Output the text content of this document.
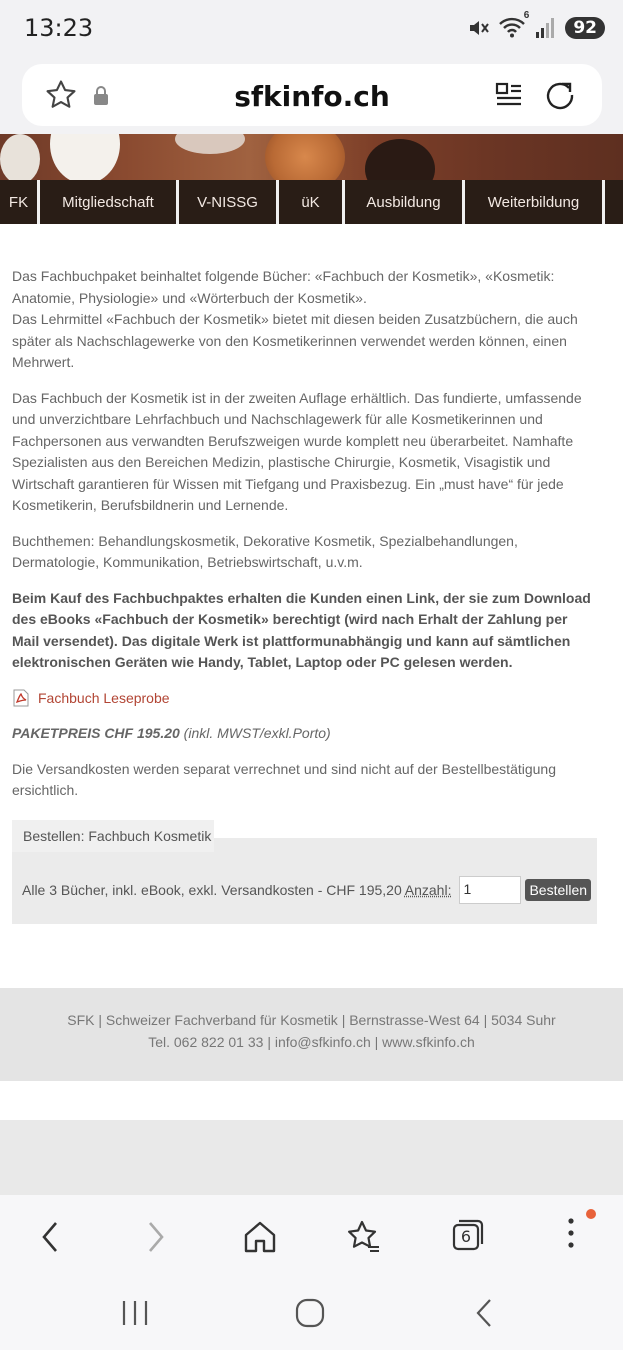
13:23	6
92
sfkinfo.ch
FK Mitgliedschaft	V-NISSG	üK	Ausbildung	Weiterbildung

Das Fachbuchpaket beinhaltet folgende Bücher: «Fachbuch der Kosmetik», «Kosmetik: Anatomie, Physiologie» und «Wörterbuch der Kosmetik».
Das Lehrmittel «Fachbuch der Kosmetik» bietet mit diesen beiden Zusatzbüchern, die auch später als Nachschlagewerke von den Kosmetikerinnen verwendet werden können, einen Mehrwert.

Das Fachbuch der Kosmetik ist in der zweiten Auflage erhältlich. Das fundierte, umfassende und unverzichtbare Lehrfachbuch und Nachschlagewerk für alle Kosmetikerinnen und Fachpersonen aus verwandten Berufszweigen wurde komplett neu überarbeitet. Namhafte Spezialisten aus den Bereichen Medizin, plastische Chirurgie, Kosmetik, Visagistik und Wirtschaft garantieren für Wissen mit Tiefgang und Praxisbezug. Ein „must have“ für jede Kosmetikerin, Berufsbildnerin und Lernende.

Buchthemen: Behandlungskosmetik, Dekorative Kosmetik, Spezialbehandlungen, Dermatologie, Kommunikation, Betriebswirtschaft, u.v.m.

Beim Kauf des Fachbuchpaktes erhalten die Kunden einen Link, der sie zum Download des eBooks «Fachbuch der Kosmetik» berechtigt (wird nach Erhalt der Zahlung per Mail versendet). Das digitale Werk ist plattformunabhängig und kann auf sämtlichen elektronischen Geräten wie Handy, Tablet, Laptop oder PC gelesen werden.

Fachbuch Leseprobe
PAKETPREIS CHF 195.20 (inkl. MWST/exkl.Porto)

Die Versandkosten werden separat verrechnet und sind nicht auf der Bestellbestätigung ersichtlich.

Alle 3 Bücher, inkl. eBook, exkl. Versandkosten - CHF 195,20 Anzahl: 1	Bestellen
Bestellen: Fachbuch Kosmetik
SFK | Schweizer Fachverband für Kosmetik | Bernstrasse-West 64 | 5034 Suhr
Tel. 062 822 01 33 | info@sfkinfo.ch | www.sfkinfo.ch
6
